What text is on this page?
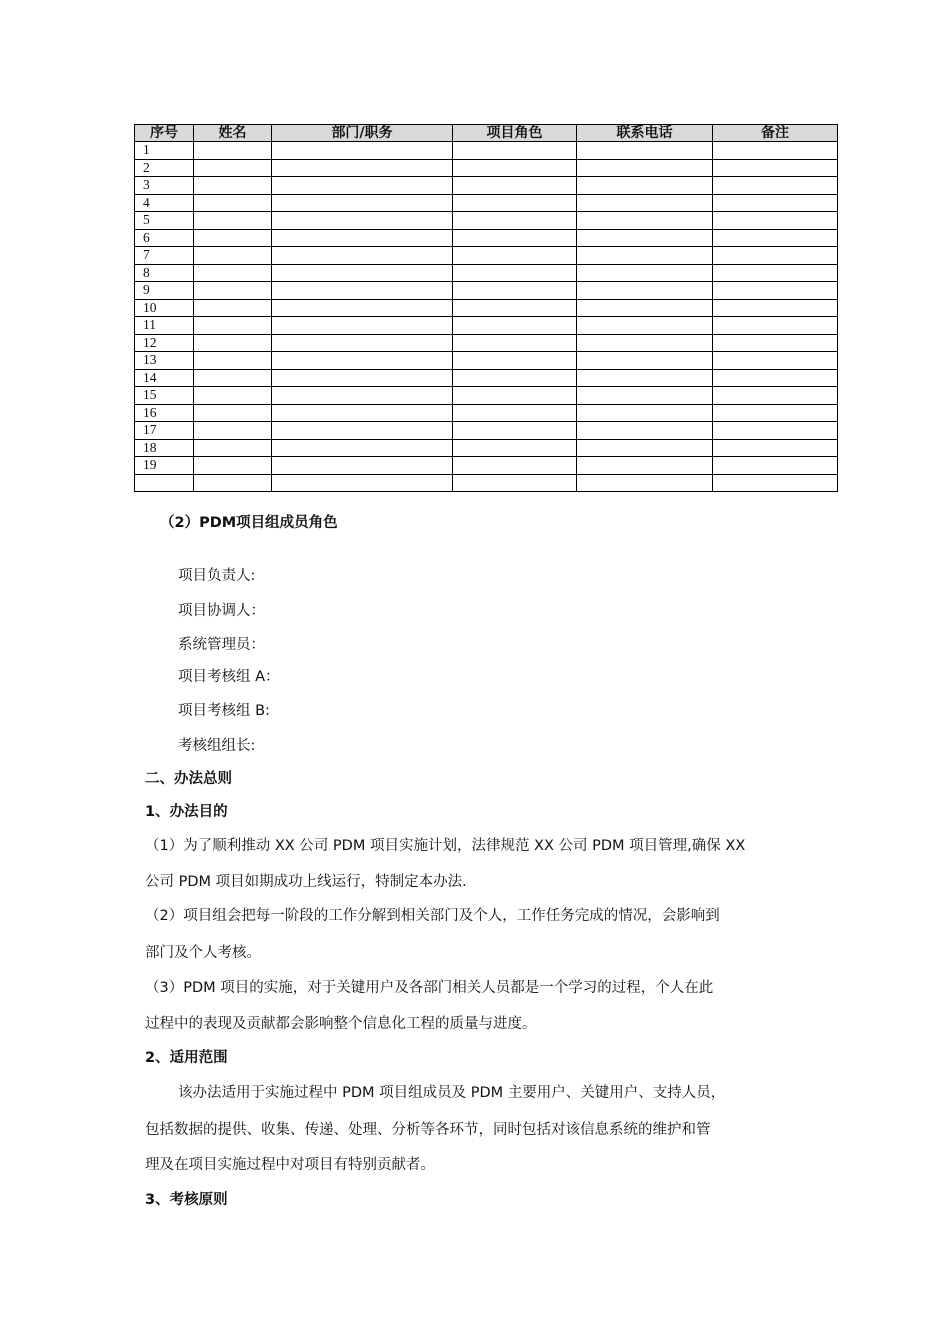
序号	姓名	部门/职务	项目角色	联系电话	备注
1					
2					
3					
4					
5					
6					
7					
8					
9					
10					
11					
12					
13					
14					
15					
16					
17					
18					
19					

（2）PDM项目组成员角色
项目负责人:
项目协调人：
系统管理员：
项目考核组 A：
项目考核组 B:
考核组组长:
二、办法总则
1、办法目的
（1）为了顺利推动 XX 公司 PDM 项目实施计划，法律规范 XX 公司 PDM 项目管理,确保 XX
公司 PDM 项目如期成功上线运行，特制定本办法.
（2）项目组会把每一阶段的工作分解到相关部门及个人，工作任务完成的情况，会影响到
部门及个人考核。
（3）PDM 项目的实施，对于关键用户及各部门相关人员都是一个学习的过程，个人在此
过程中的表现及贡献都会影响整个信息化工程的质量与进度。
2、适用范围
该办法适用于实施过程中 PDM 项目组成员及 PDM 主要用户、关键用户、支持人员，
包括数据的提供、收集、传递、处理、分析等各环节，同时包括对该信息系统的维护和管
理及在项目实施过程中对项目有特别贡献者。
3、考核原则
